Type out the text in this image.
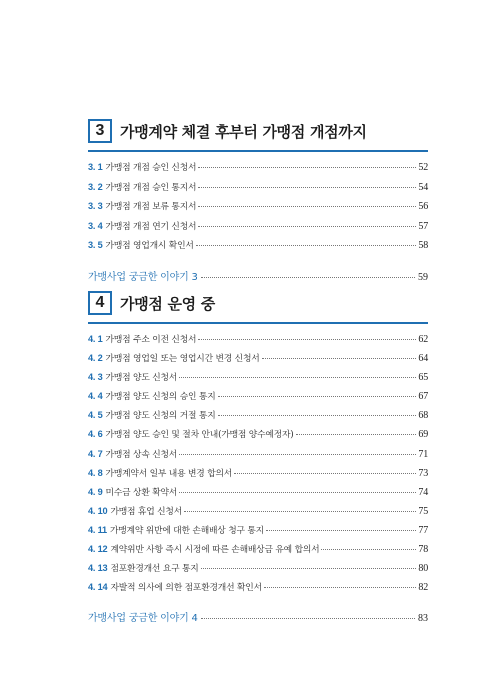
3	가맹계약 체결 후부터 가맹점 개점까지
3. 1 가맹점 개점 승인 신청서	52
3. 2 가맹점 개점 승인 통지서	54
3. 3 가맹점 개점 보류 통지서	56
3. 4 가맹점 개점 연기 신청서	57
3. 5 가맹점 영업개시 확인서	58
가맹사업 궁금한 이야기 3	59
4	가맹점 운영 중
4. 1 가맹점 주소 이전 신청서	62
4. 2 가맹점 영업일 또는 영업시간 변경 신청서	64
4. 3 가맹점 양도 신청서	65
4. 4 가맹점 양도 신청의 승인 통지	67
4. 5 가맹점 양도 신청의 거절 통지	68
4. 6 가맹점 양도 승인 및 절차 안내(가맹점 양수예정자)	69
4. 7 가맹점 상속 신청서	71
4. 8 가맹계약서 일부 내용 변경 합의서	73
4. 9 미수금 상환 확약서	74
4. 10 가맹점 휴업 신청서	75
4. 11 가맹계약 위반에 대한 손해배상 청구 통지	77
4. 12 계약위반 사항 즉시 시정에 따른 손해배상금 유예 합의서	78
4. 13 점포환경개선 요구 통지	80
4. 14 자발적 의사에 의한 점포환경개선 확인서	82
가맹사업 궁금한 이야기 4	83
